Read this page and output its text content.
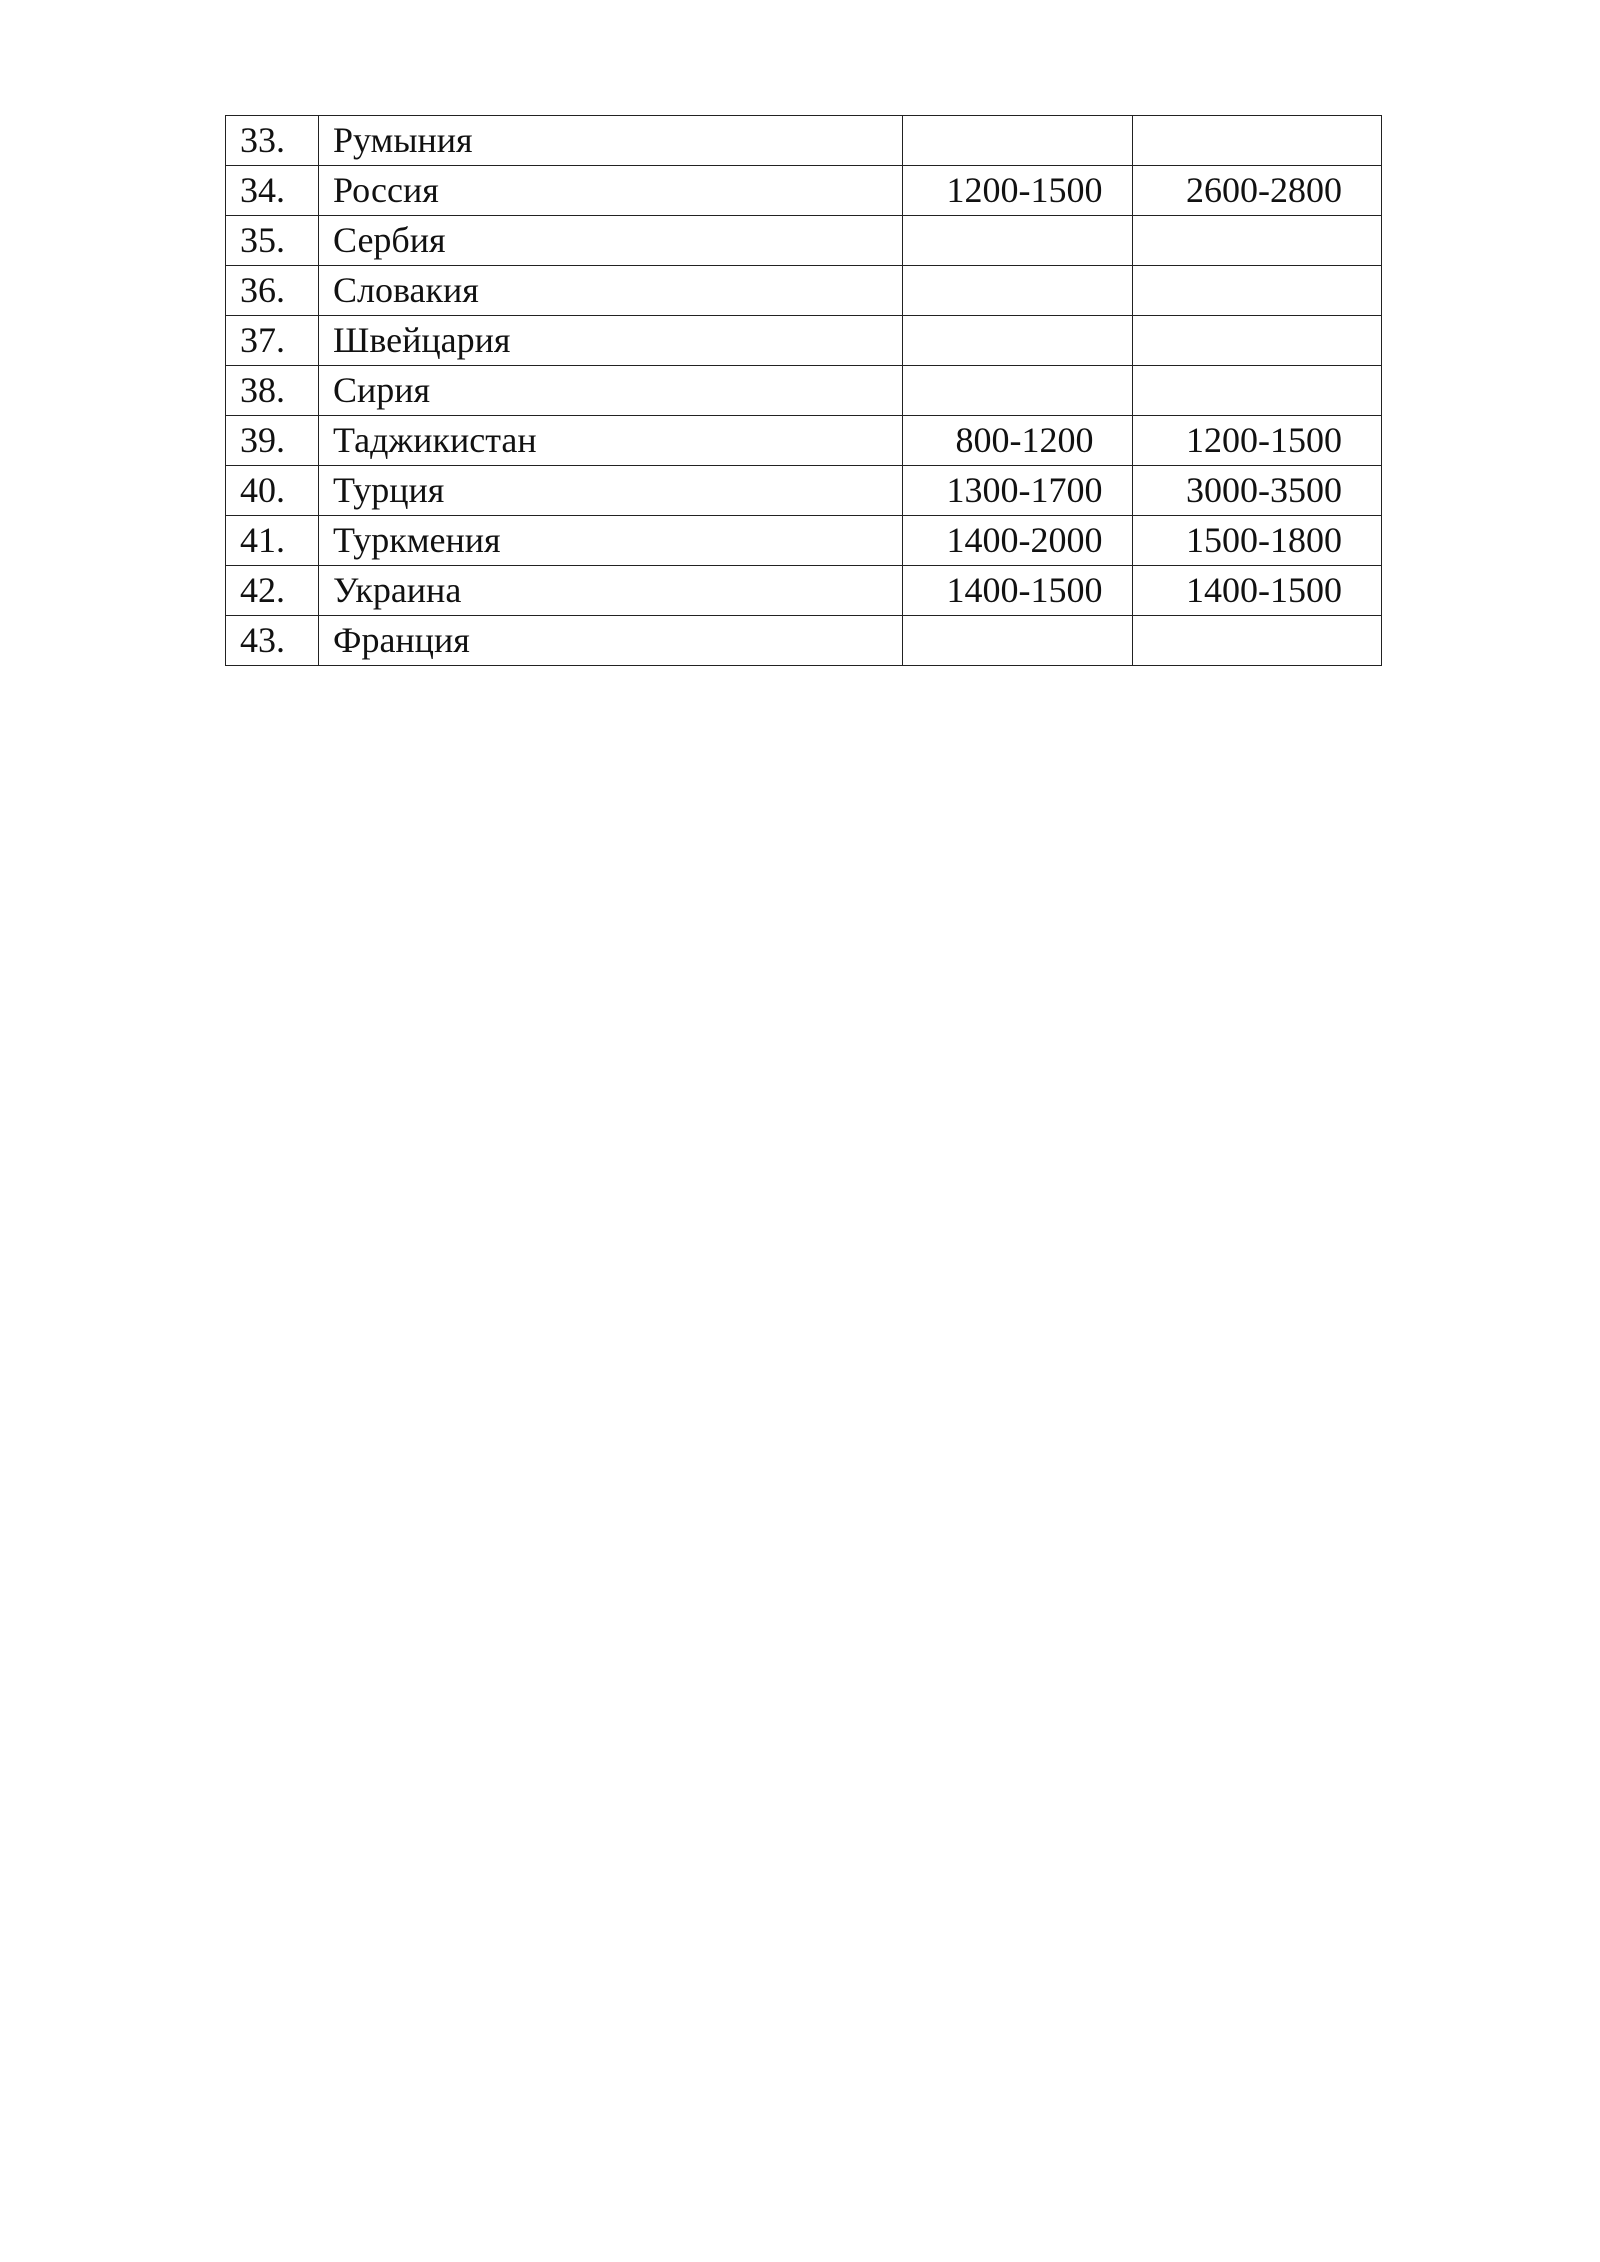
33.	Румыния		
34.	Россия	1200-1500	2600-2800
35.	Сербия		
36.	Словакия		
37.	Швейцария		
38.	Сирия		
39.	Таджикистан	800-1200	1200-1500
40.	Турция	1300-1700	3000-3500
41.	Туркмения	1400-2000	1500-1800
42.	Украина	1400-1500	1400-1500
43.	Франция		
